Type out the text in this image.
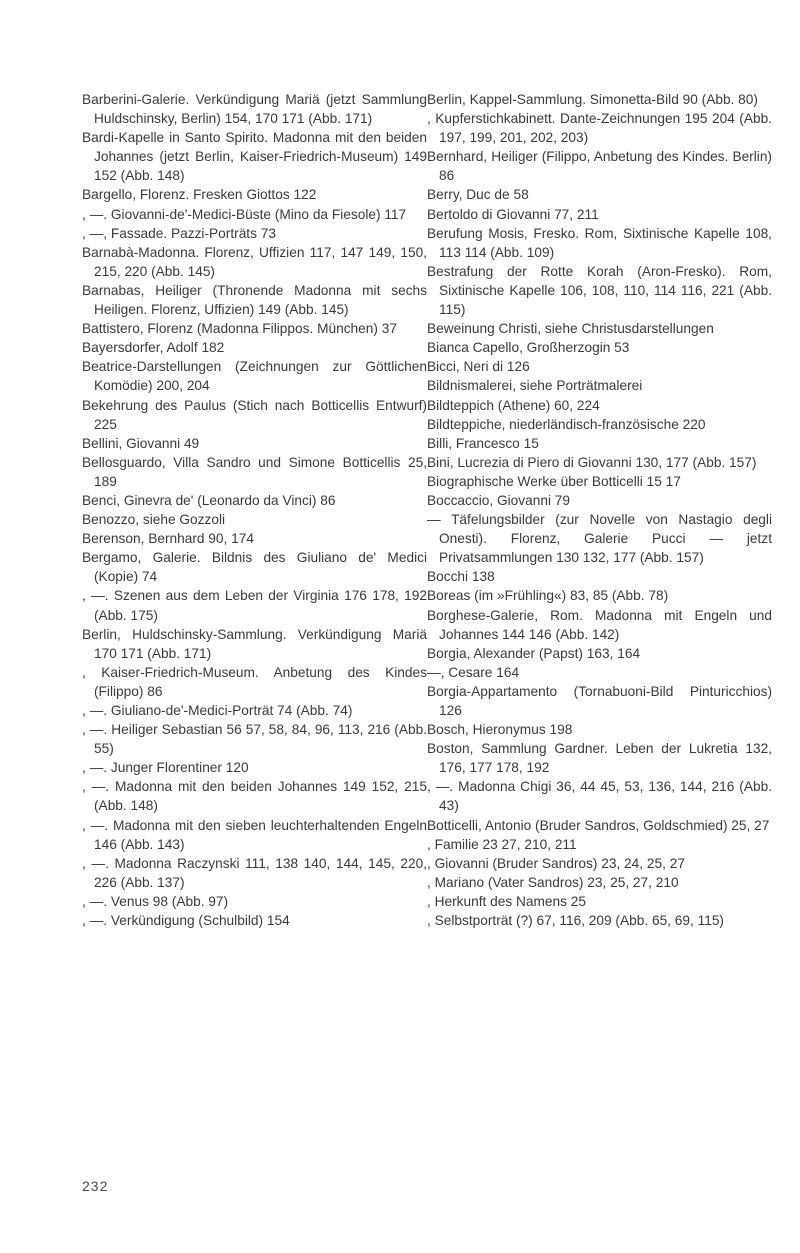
Barberini-Galerie. Verkündigung Mariä (jetzt Sammlung Huldschinsky, Berlin) 154, 170 171 (Abb. 171)

Bardi-Kapelle in Santo Spirito. Madonna mit den beiden Johannes (jetzt Berlin, Kaiser-Friedrich-Museum) 149 152 (Abb. 148)

Bargello, Florenz. Fresken Giottos 122

, —. Giovanni-de'-Medici-Büste (Mino da Fiesole) 117

, —, Fassade. Pazzi-Porträts 73

Barnabà-Madonna. Florenz, Uffizien 117, 147 149, 150, 215, 220 (Abb. 145)

Barnabas, Heiliger (Thronende Madonna mit sechs Heiligen. Florenz, Uffizien) 149 (Abb. 145)

Battistero, Florenz (Madonna Filippos. München) 37

Bayersdorfer, Adolf 182

Beatrice-Darstellungen (Zeichnungen zur Göttlichen Komödie) 200, 204

Bekehrung des Paulus (Stich nach Botticellis Entwurf) 225

Bellini, Giovanni 49

Bellosguardo, Villa Sandro und Simone Botticellis 25, 189

Benci, Ginevra de' (Leonardo da Vinci) 86

Benozzo, siehe Gozzoli

Berenson, Bernhard 90, 174

Bergamo, Galerie. Bildnis des Giuliano de' Medici (Kopie) 74

, —. Szenen aus dem Leben der Virginia 176 178, 192 (Abb. 175)

Berlin, Huldschinsky-Sammlung. Verkündigung Mariä 170 171 (Abb. 171)

, Kaiser-Friedrich-Museum. Anbetung des Kindes (Filippo) 86

, —. Giuliano-de'-Medici-Porträt 74 (Abb. 74)

, —. Heiliger Sebastian 56 57, 58, 84, 96, 113, 216 (Abb. 55)

, —. Junger Florentiner 120

, —. Madonna mit den beiden Johannes 149 152, 215 (Abb. 148)

, —. Madonna mit den sieben leuchterhaltenden Engeln 146 (Abb. 143)

, —. Madonna Raczynski 111, 138 140, 144, 145, 220, 226 (Abb. 137)

, —. Venus 98 (Abb. 97)

, —. Verkündigung (Schulbild) 154

Berlin, Kappel-Sammlung. Simonetta-Bild 90 (Abb. 80)

, Kupferstichkabinett. Dante-Zeichnungen 195 204 (Abb. 197, 199, 201, 202, 203)

Bernhard, Heiliger (Filippo, Anbetung des Kindes. Berlin) 86

Berry, Duc de 58

Bertoldo di Giovanni 77, 211

Berufung Mosis, Fresko. Rom, Sixtinische Kapelle 108, 113 114 (Abb. 109)

Bestrafung der Rotte Korah (Aron-Fresko). Rom, Sixtinische Kapelle 106, 108, 110, 114 116, 221 (Abb. 115)

Beweinung Christi, siehe Christusdarstellungen

Bianca Capello, Großherzogin 53

Bicci, Neri di 126

Bildnismalerei, siehe Porträtmalerei

Bildteppich (Athene) 60, 224

Bildteppiche, niederländisch-französische 220

Billi, Francesco 15

Bini, Lucrezia di Piero di Giovanni 130, 177 (Abb. 157)

Biographische Werke über Botticelli 15 17

Boccaccio, Giovanni 79

— Täfelungsbilder (zur Novelle von Nastagio degli Onesti). Florenz, Galerie Pucci — jetzt Privatsammlungen 130 132, 177 (Abb. 157)

Bocchi 138

Boreas (im »Frühling«) 83, 85 (Abb. 78)

Borghese-Galerie, Rom. Madonna mit Engeln und Johannes 144 146 (Abb. 142)

Borgia, Alexander (Papst) 163, 164

—, Cesare 164

Borgia-Appartamento (Tornabuoni-Bild Pinturicchios) 126

Bosch, Hieronymus 198

Boston, Sammlung Gardner. Leben der Lukretia 132, 176, 177 178, 192

, —. Madonna Chigi 36, 44 45, 53, 136, 144, 216 (Abb. 43)

Botticelli, Antonio (Bruder Sandros, Goldschmied) 25, 27

, Familie 23 27, 210, 211

, Giovanni (Bruder Sandros) 23, 24, 25, 27

, Mariano (Vater Sandros) 23, 25, 27, 210

, Herkunft des Namens 25

, Selbstporträt (?) 67, 116, 209 (Abb. 65, 69, 115)

232
